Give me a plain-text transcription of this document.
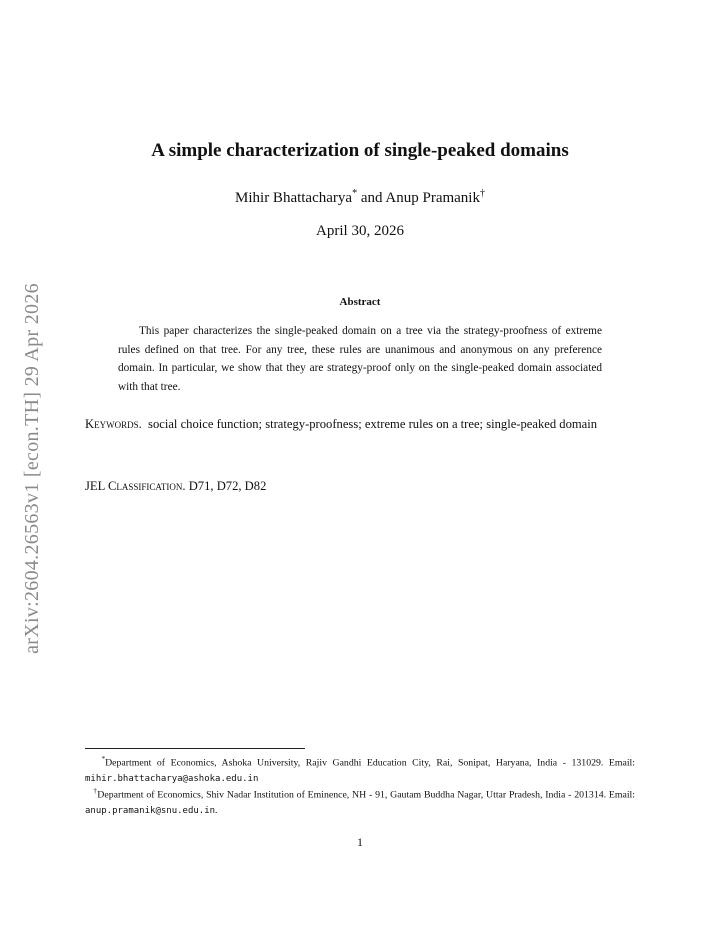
arXiv:2604.26563v1 [econ.TH] 29 Apr 2026
A simple characterization of single-peaked domains
Mihir Bhattacharya* and Anup Pramanik†
April 30, 2026
Abstract

This paper characterizes the single-peaked domain on a tree via the strategy-proofness of extreme rules defined on that tree. For any tree, these rules are unanimous and anonymous on any preference domain. In particular, we show that they are strategy-proof only on the single-peaked domain associated with that tree.

Keywords. social choice function; strategy-proofness; extreme rules on a tree; single-peaked domain

JEL Classification. D71, D72, D82

*Department of Economics, Ashoka University, Rajiv Gandhi Education City, Rai, Sonipat, Haryana, India - 131029. Email: mihir.bhattacharya@ashoka.edu.in

†Department of Economics, Shiv Nadar Institution of Eminence, NH - 91, Gautam Buddha Nagar, Uttar Pradesh, India - 201314. Email: anup.pramanik@snu.edu.in.

1
